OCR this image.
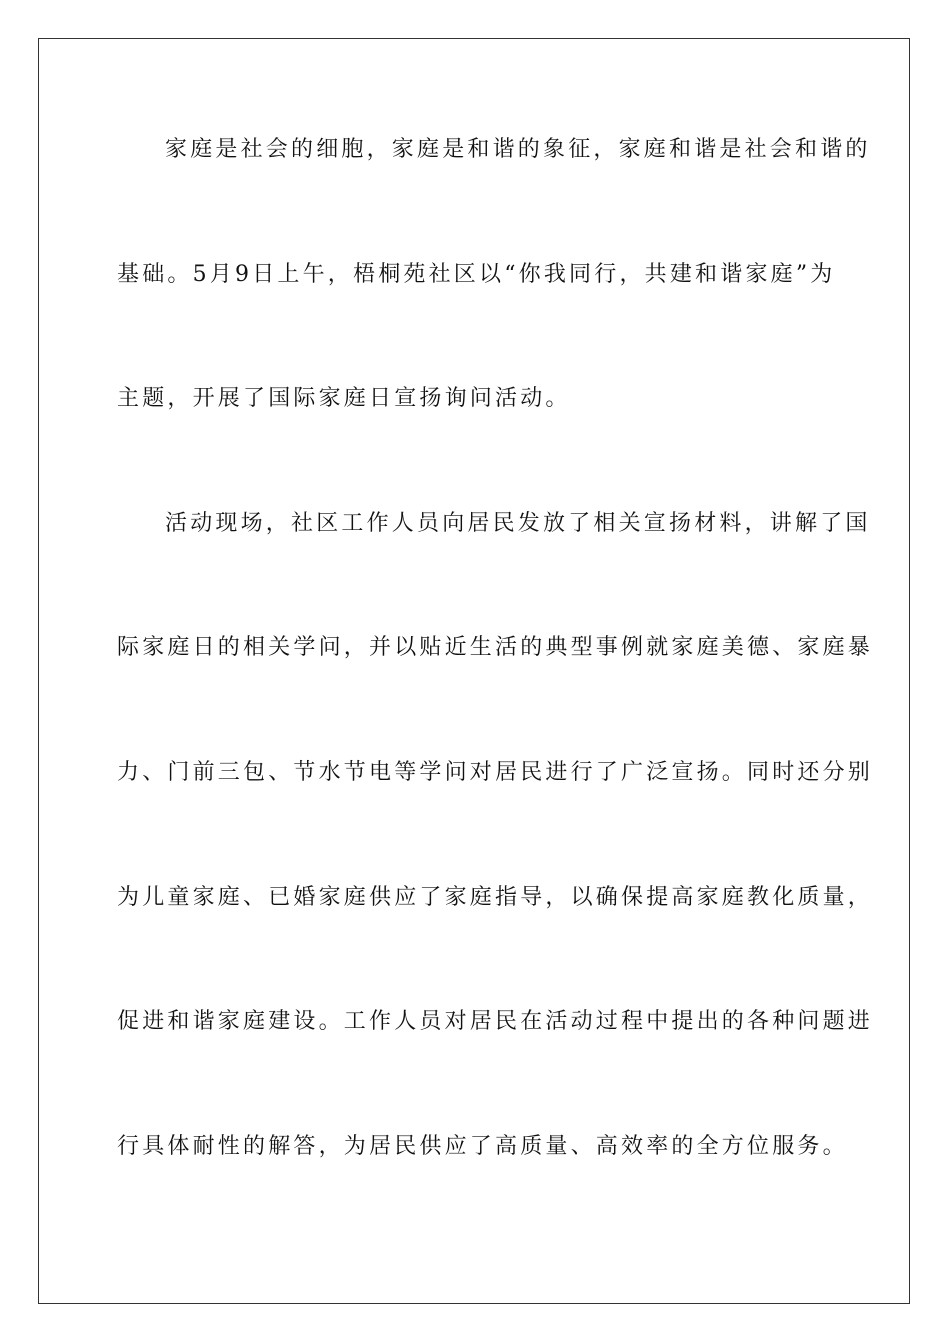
家庭是社会的细胞，家庭是和谐的象征，家庭和谐是社会和谐的

基础。5月9日上午，梧桐苑社区以“你我同行，共建和谐家庭”为

主题，开展了国际家庭日宣扬询问活动。

活动现场，社区工作人员向居民发放了相关宣扬材料，讲解了国

际家庭日的相关学问，并以贴近生活的典型事例就家庭美德、家庭暴

力、门前三包、节水节电等学问对居民进行了广泛宣扬。同时还分别

为儿童家庭、已婚家庭供应了家庭指导，以确保提高家庭教化质量，

促进和谐家庭建设。工作人员对居民在活动过程中提出的各种问题进

行具体耐性的解答，为居民供应了高质量、高效率的全方位服务。
